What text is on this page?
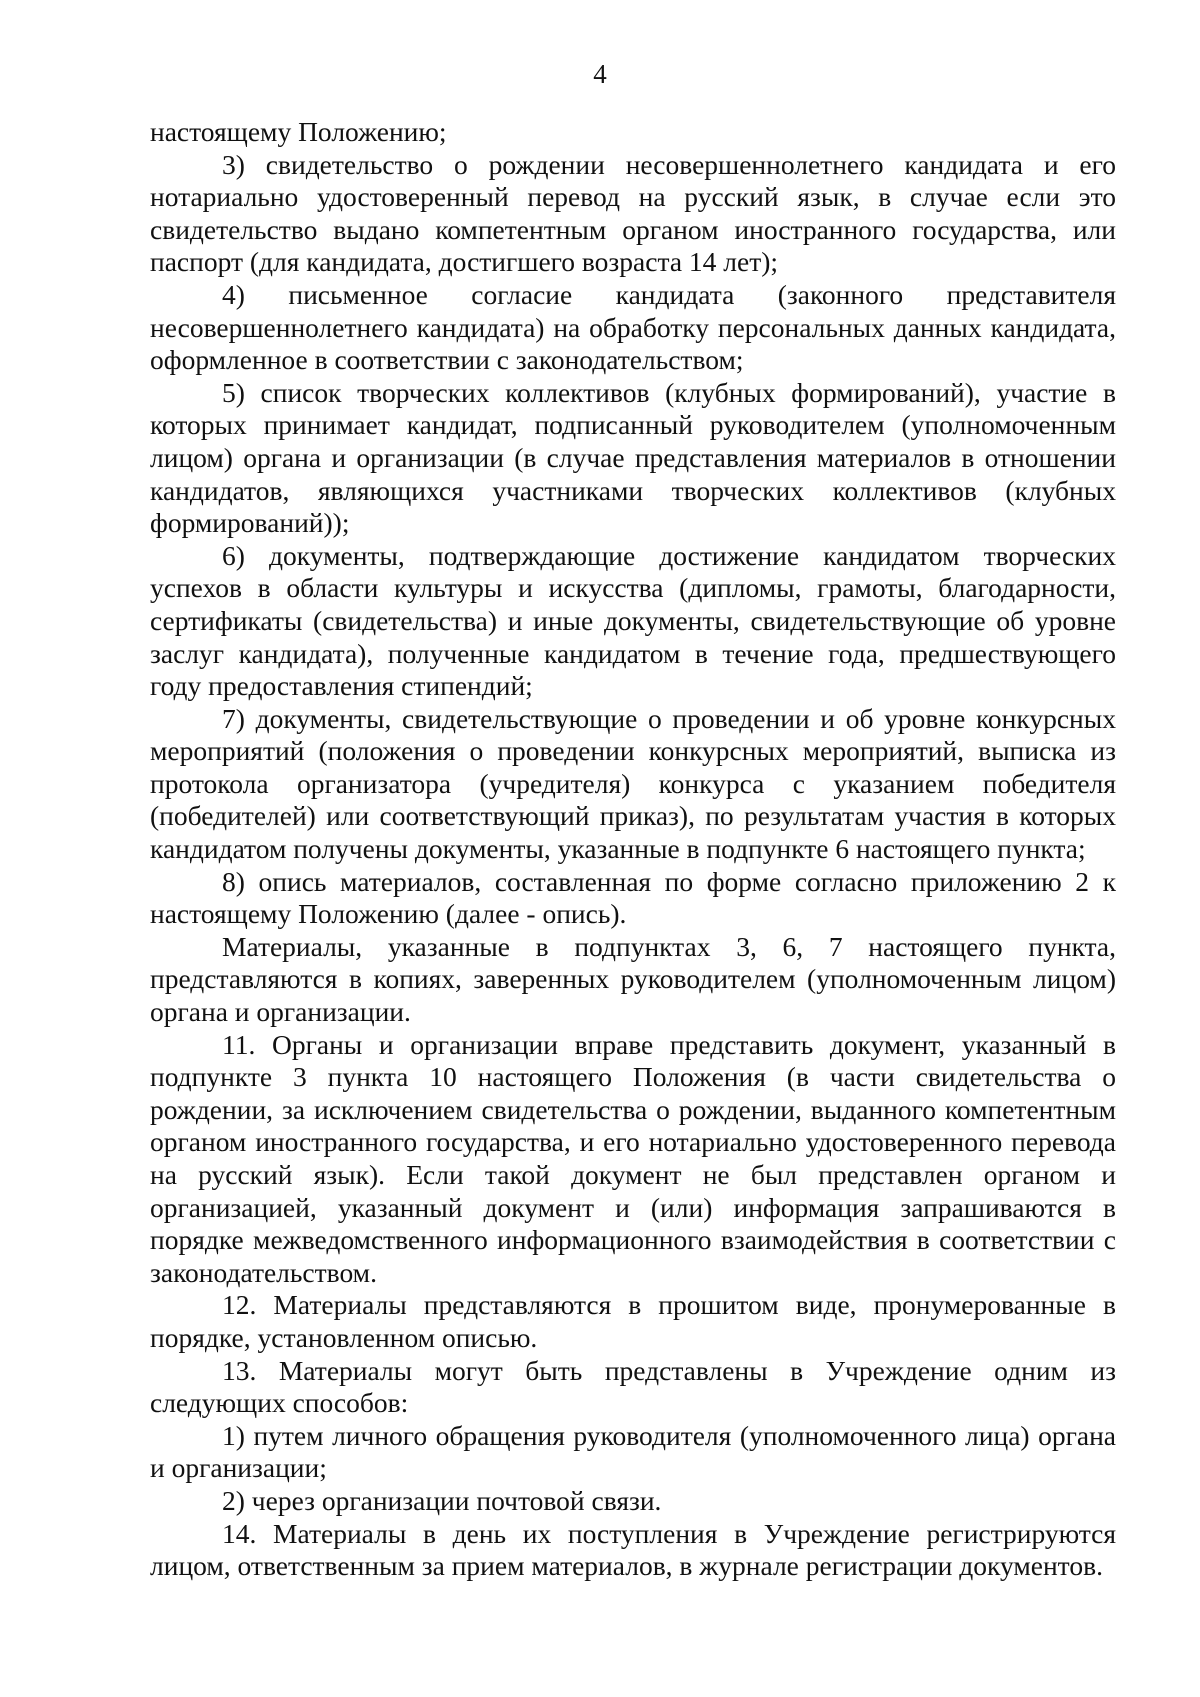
4

настоящему Положению;

3) свидетельство о рождении несовершеннолетнего кандидата и его нотариально удостоверенный перевод на русский язык, в случае если это свидетельство выдано компетентным органом иностранного государства, или паспорт (для кандидата, достигшего возраста 14 лет);

4) письменное согласие кандидата (законного представителя несовершеннолетнего кандидата) на обработку персональных данных кандидата, оформленное в соответствии с законодательством;

5) список творческих коллективов (клубных формирований), участие в которых принимает кандидат, подписанный руководителем (уполномоченным лицом) органа и организации (в случае представления материалов в отношении кандидатов, являющихся участниками творческих коллективов (клубных формирований));

6) документы, подтверждающие достижение кандидатом творческих успехов в области культуры и искусства (дипломы, грамоты, благодарности, сертификаты (свидетельства) и иные документы, свидетельствующие об уровне заслуг кандидата), полученные кандидатом в течение года, предшествующего году предоставления стипендий;

7) документы, свидетельствующие о проведении и об уровне конкурсных мероприятий (положения о проведении конкурсных мероприятий, выписка из протокола организатора (учредителя) конкурса с указанием победителя (победителей) или соответствующий приказ), по результатам участия в которых кандидатом получены документы, указанные в подпункте 6 настоящего пункта;

8) опись материалов, составленная по форме согласно приложению 2 к настоящему Положению (далее - опись).

Материалы, указанные в подпунктах 3, 6, 7 настоящего пункта, представляются в копиях, заверенных руководителем (уполномоченным лицом) органа и организации.

11. Органы и организации вправе представить документ, указанный в подпункте 3 пункта 10 настоящего Положения (в части свидетельства о рождении, за исключением свидетельства о рождении, выданного компетентным органом иностранного государства, и его нотариально удостоверенного перевода на русский язык). Если такой документ не был представлен органом и организацией, указанный документ и (или) информация запрашиваются в порядке межведомственного информационного взаимодействия в соответствии с законодательством.

12. Материалы представляются в прошитом виде, пронумерованные в порядке, установленном описью.

13. Материалы могут быть представлены в Учреждение одним из следующих способов:

1) путем личного обращения руководителя (уполномоченного лица) органа и организации;

2) через организации почтовой связи.

14. Материалы в день их поступления в Учреждение регистрируются лицом, ответственным за прием материалов, в журнале регистрации документов.
